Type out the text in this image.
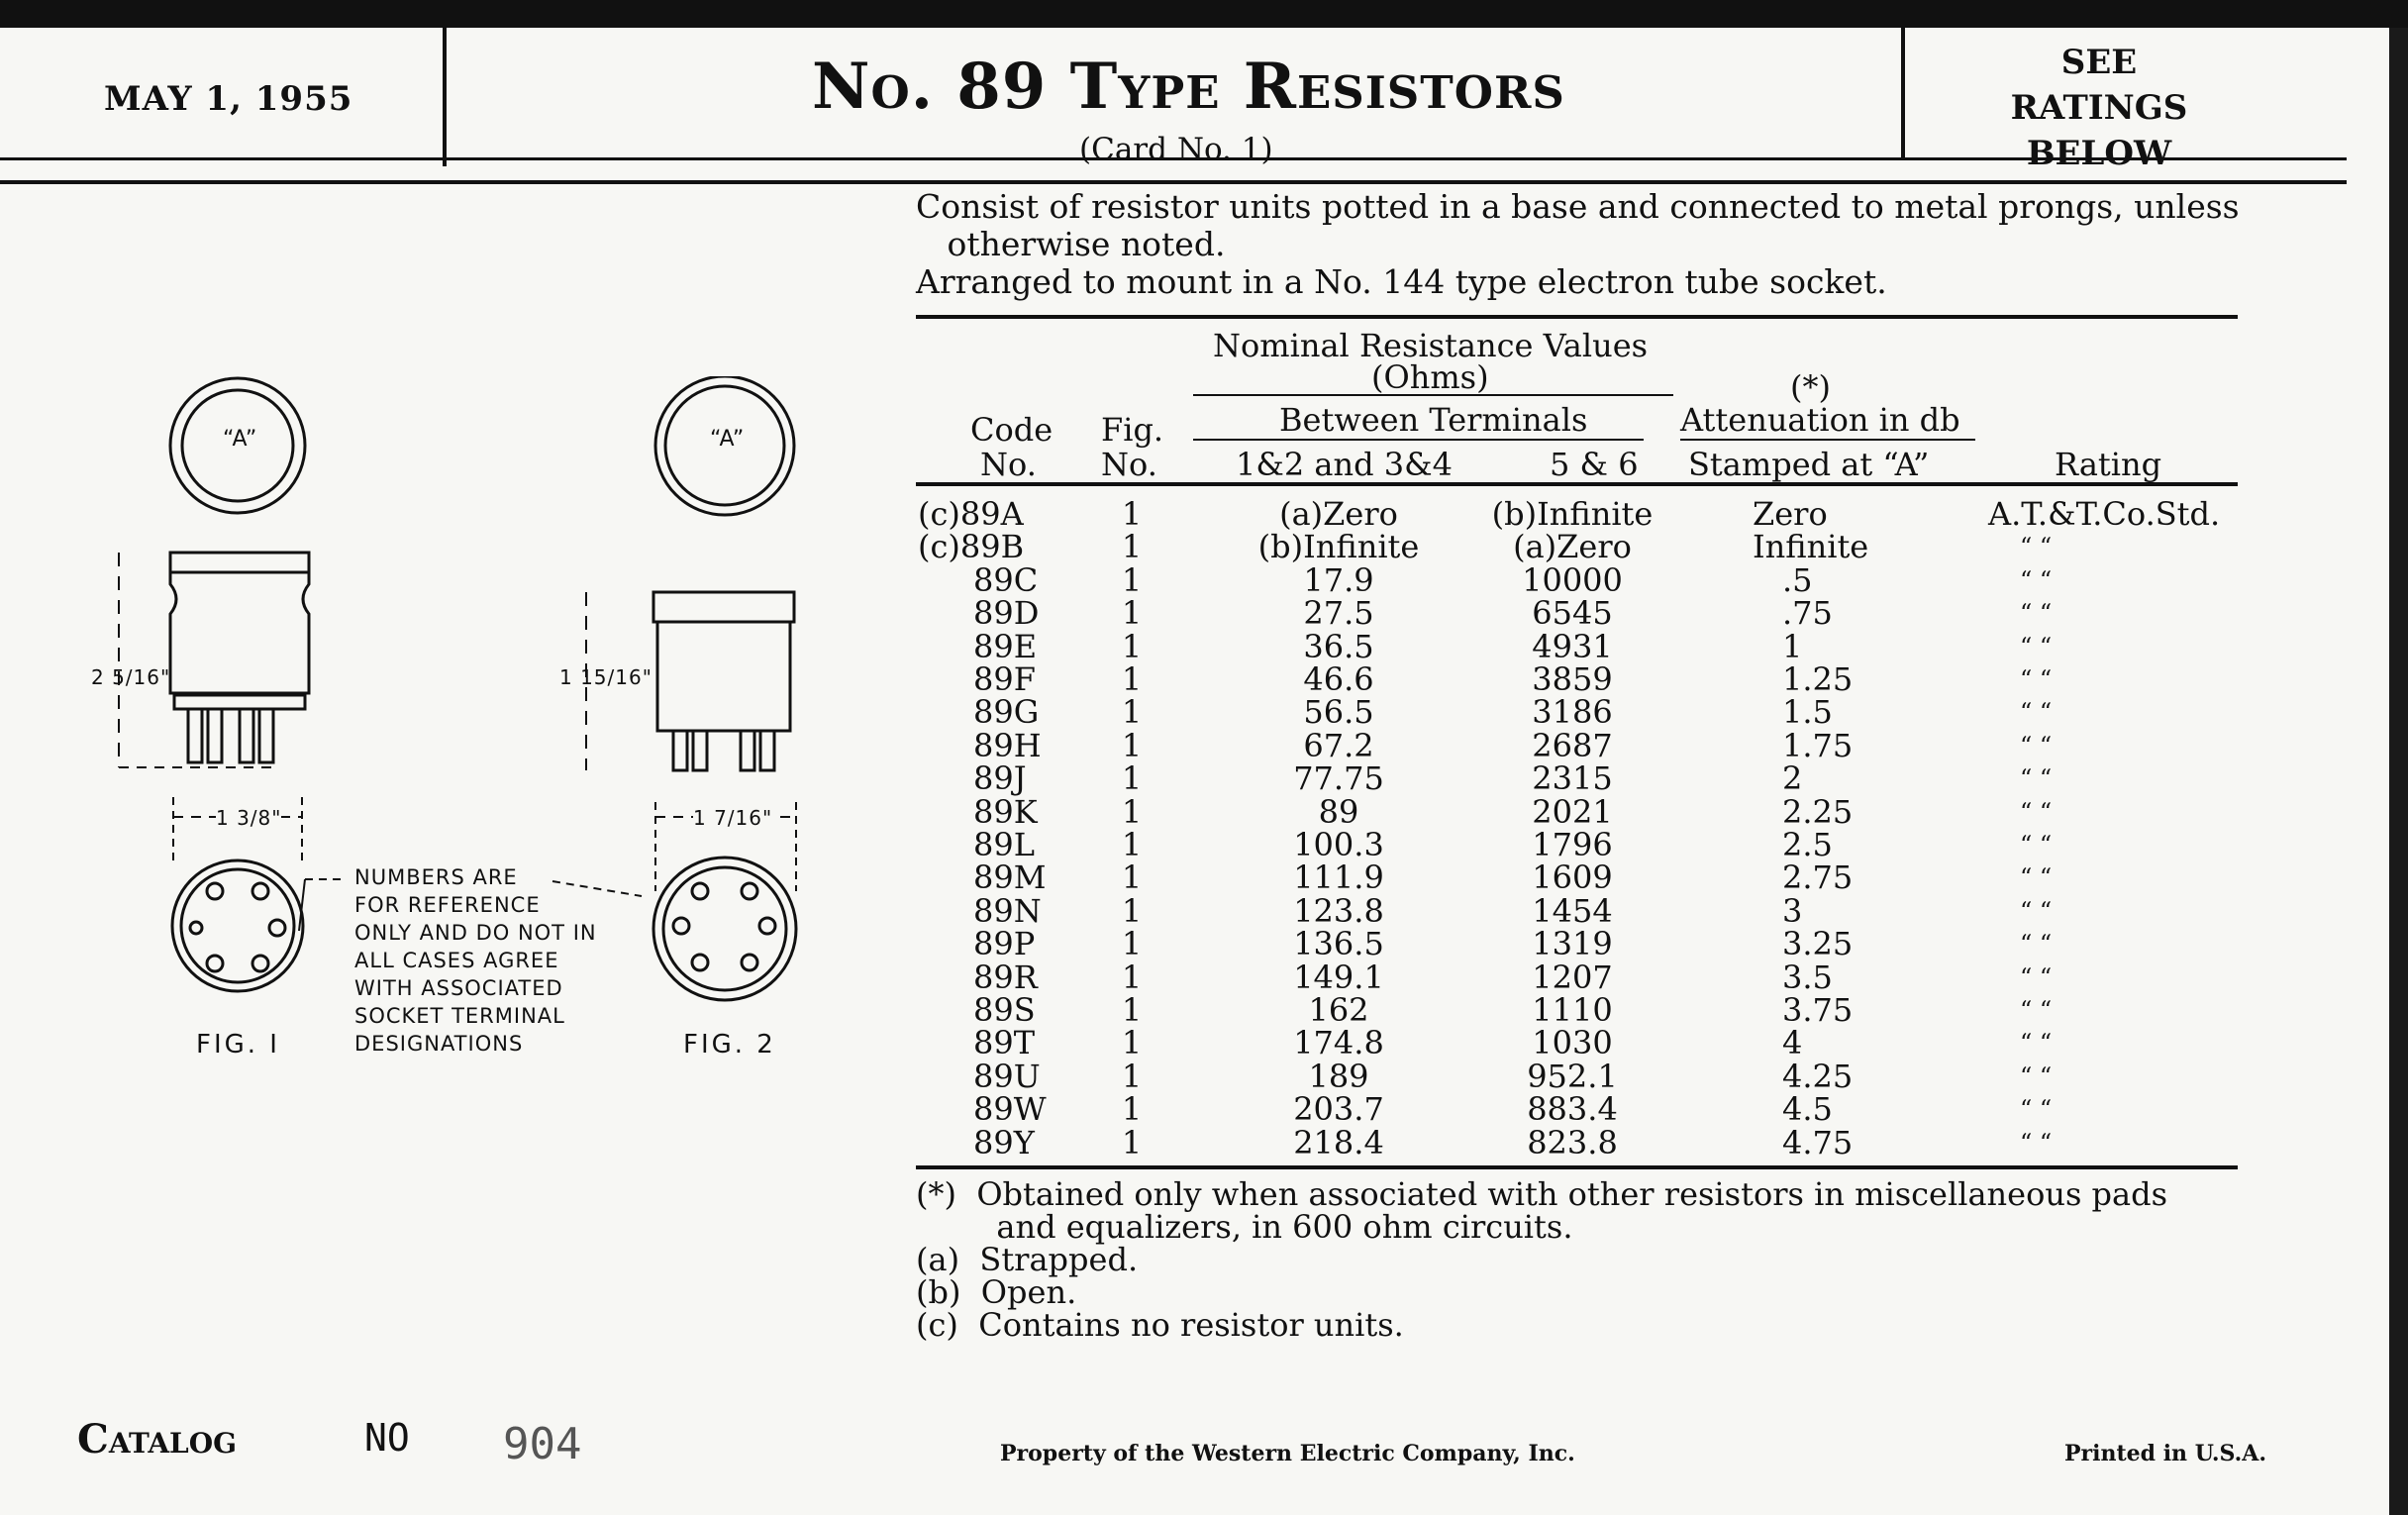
MAY 1, 1955	No. 89 Type Resistors
(Card No. 1)
SEE RATINGS BELOW
Consist of resistor units potted in a base and connected to metal prongs, unless
otherwise noted.
Arranged to mount in a No. 144 type electron tube socket.
Nominal Resistance Values
(Ohms)
Between Terminals
Code
No.
Fig.
No. 1&2 and 3&4	5 & 6
(*)
Attenuation in db
Stamped at “A”	Rating
(c)89A	1	(a)Zero	(b)Infinite	Zero	A.T.&T.Co.Std.
(c)89B	1	(b)Infinite	(a)Zero	Infinite	“ “
89C	1	17.9	10000	.5	“ “
89D	1	27.5	6545	.75	“ “
89E	1	36.5	4931	1	“ “
89F	1	46.6	3859	1.25	“ “
89G	1	56.5	3186	1.5	“ “
89H	1	67.2	2687	1.75	“ “
89J	1	77.75	2315	2	“ “
89K	1	89	2021	2.25	“ “
89L	1	100.3	1796	2.5	“ “
89M	1	111.9	1609	2.75	“ “
89N	1	123.8	1454	3	“ “
89P	1	136.5	1319	3.25	“ “
89R	1	149.1	1207	3.5	“ “
89S	1	162	1110	3.75	“ “
89T	1	174.8	1030	4	“ “
89U	1	189	952.1	4.25	“ “
89W	1	203.7	883.4	4.5	“ “
89Y	1	218.4	823.8	4.75	“ “
(*)  Obtained only when associated with other resistors in miscellaneous pads
and equalizers, in 600 ohm circuits.
(a)  Strapped.
(b)  Open.
(c)  Contains no resistor units.
“A”	“A”
2 5/16"	1 15/16"
1 3/8"	1 7/16"
NUMBERS ARE
FOR REFERENCE
ONLY AND DO NOT IN
ALL CASES AGREE
WITH ASSOCIATED
SOCKET TERMINAL
DESIGNATIONS
FIG. I	FIG. 2
Catalog	NO 904	Property of the Western Electric Company, Inc.	Printed in U.S.A.
